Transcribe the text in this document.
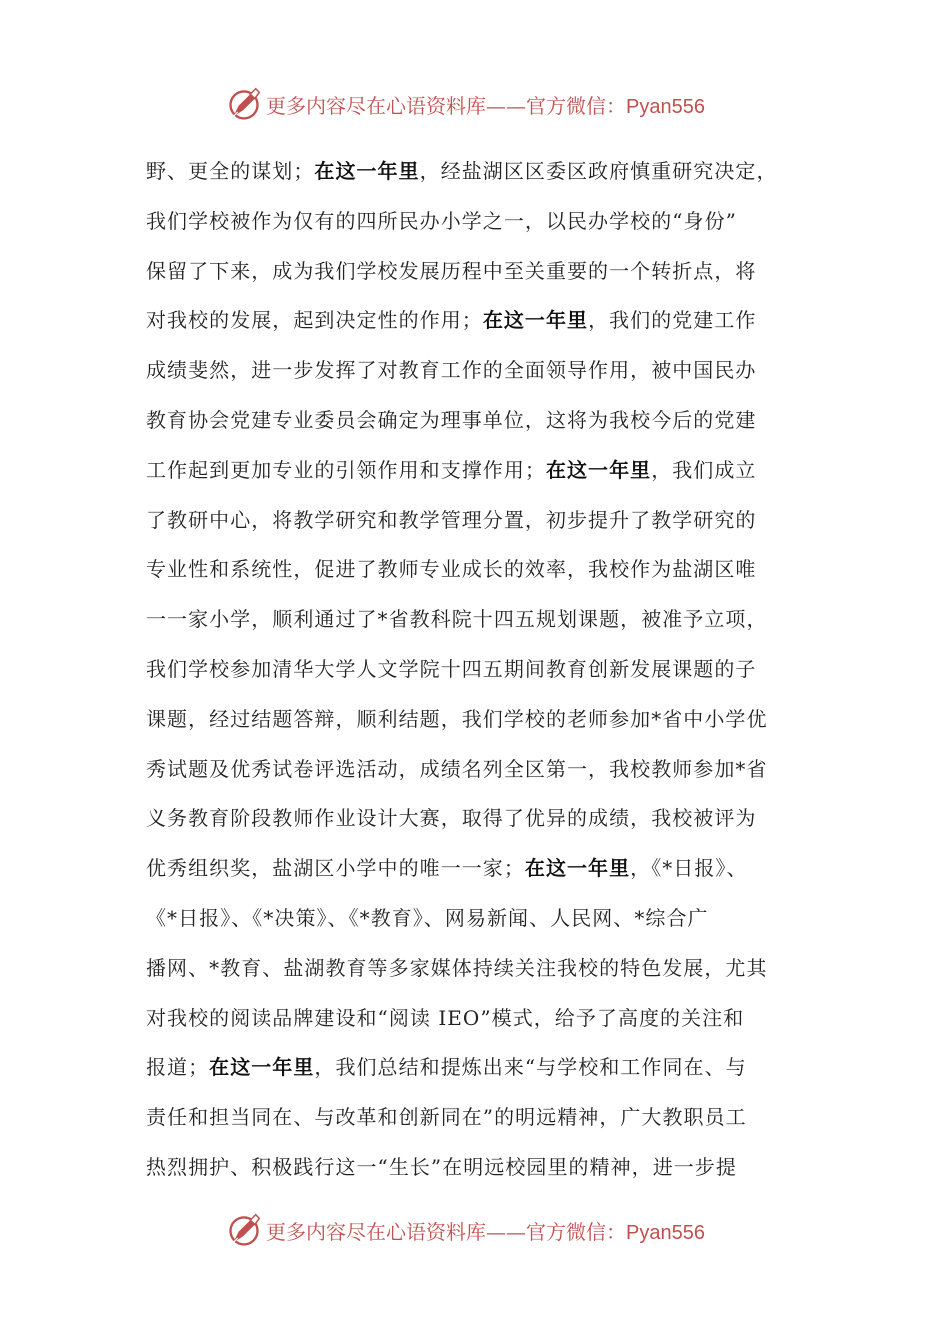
更多内容尽在心语资料库——官方微信：Pyan556
野、更全的谋划；在这一年里，经盐湖区区委区政府慎重研究决定，
我们学校被作为仅有的四所民办小学之一，以民办学校的“身份”
保留了下来，成为我们学校发展历程中至关重要的一个转折点，将
对我校的发展，起到决定性的作用；在这一年里，我们的党建工作
成绩斐然，进一步发挥了对教育工作的全面领导作用，被中国民办
教育协会党建专业委员会确定为理事单位，这将为我校今后的党建
工作起到更加专业的引领作用和支撑作用；在这一年里，我们成立
了教研中心，将教学研究和教学管理分置，初步提升了教学研究的
专业性和系统性，促进了教师专业成长的效率，我校作为盐湖区唯
一一家小学，顺利通过了*省教科院十四五规划课题，被准予立项，
我们学校参加清华大学人文学院十四五期间教育创新发展课题的子
课题，经过结题答辩，顺利结题，我们学校的老师参加*省中小学优
秀试题及优秀试卷评选活动，成绩名列全区第一，我校教师参加*省
义务教育阶段教师作业设计大赛，取得了优异的成绩，我校被评为
优秀组织奖，盐湖区小学中的唯一一家；在这一年里，《*日报》、
《*日报》、《*决策》、《*教育》、网易新闻、人民网、*综合广
播网、*教育、盐湖教育等多家媒体持续关注我校的特色发展，尤其
对我校的阅读品牌建设和“阅读 IEO”模式，给予了高度的关注和
报道；在这一年里，我们总结和提炼出来“与学校和工作同在、与
责任和担当同在、与改革和创新同在”的明远精神，广大教职员工
热烈拥护、积极践行这一“生长”在明远校园里的精神，进一步提
更多内容尽在心语资料库——官方微信：Pyan556
